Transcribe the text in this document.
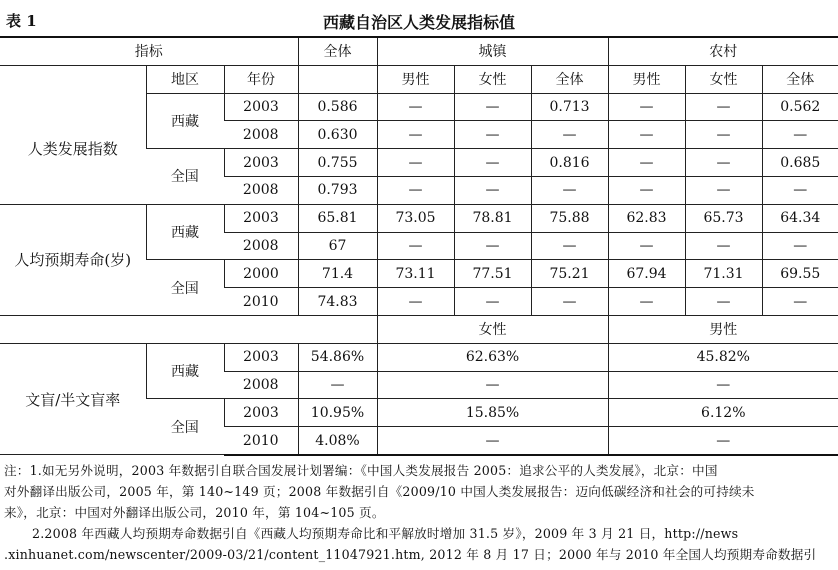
表 1	西藏自治区人类发展指标值
指标			全体	城镇			农村		
	地区	年份		男性	女性	全体	男性	女性	全体
人类发展指数	西藏	2003	0.586	—	—	0.713	—	—	0.562
		2008	0.630	—	—	—	—	—	—
	全国	2003	0.755	—	—	0.816	—	—	0.685
		2008	0.793	—	—	—	—	—	—
人均预期寿命(岁)	西藏	2003	65.81	73.05	78.81	75.88	62.83	65.73	64.34
		2008	67	—	—	—	—	—	—
	全国	2000	71.4	73.11	77.51	75.21	67.94	71.31	69.55
		2010	74.83	—	—	—	—	—	—
				女性			男性		
文盲/半文盲率	西藏	2003	54.86%	62.63%			45.82%		
		2008	—	—			—		
	全国	2003	10.95%	15.85%			6.12%		
		2010	4.08%	—			—		

注：1.如无另外说明，2003 年数据引自联合国发展计划署编：《中国人类发展报告 2005：追求公平的人类发展》，北京：中国

对外翻译出版公司，2005 年，第 140~149 页；2008 年数据引自《2009/10 中国人类发展报告：迈向低碳经济和社会的可持续未

来》，北京：中国对外翻译出版公司，2010 年，第 104~105 页。

2.2008 年西藏人均预期寿命数据引自《西藏人均预期寿命比和平解放时增加 31.5 岁》，2009 年 3 月 21 日，http://news

.xinhuanet.com/newscenter/2009-03/21/content_11047921.htm, 2012 年 8 月 17 日；2000 年与 2010 年全国人均预期寿命数据引
